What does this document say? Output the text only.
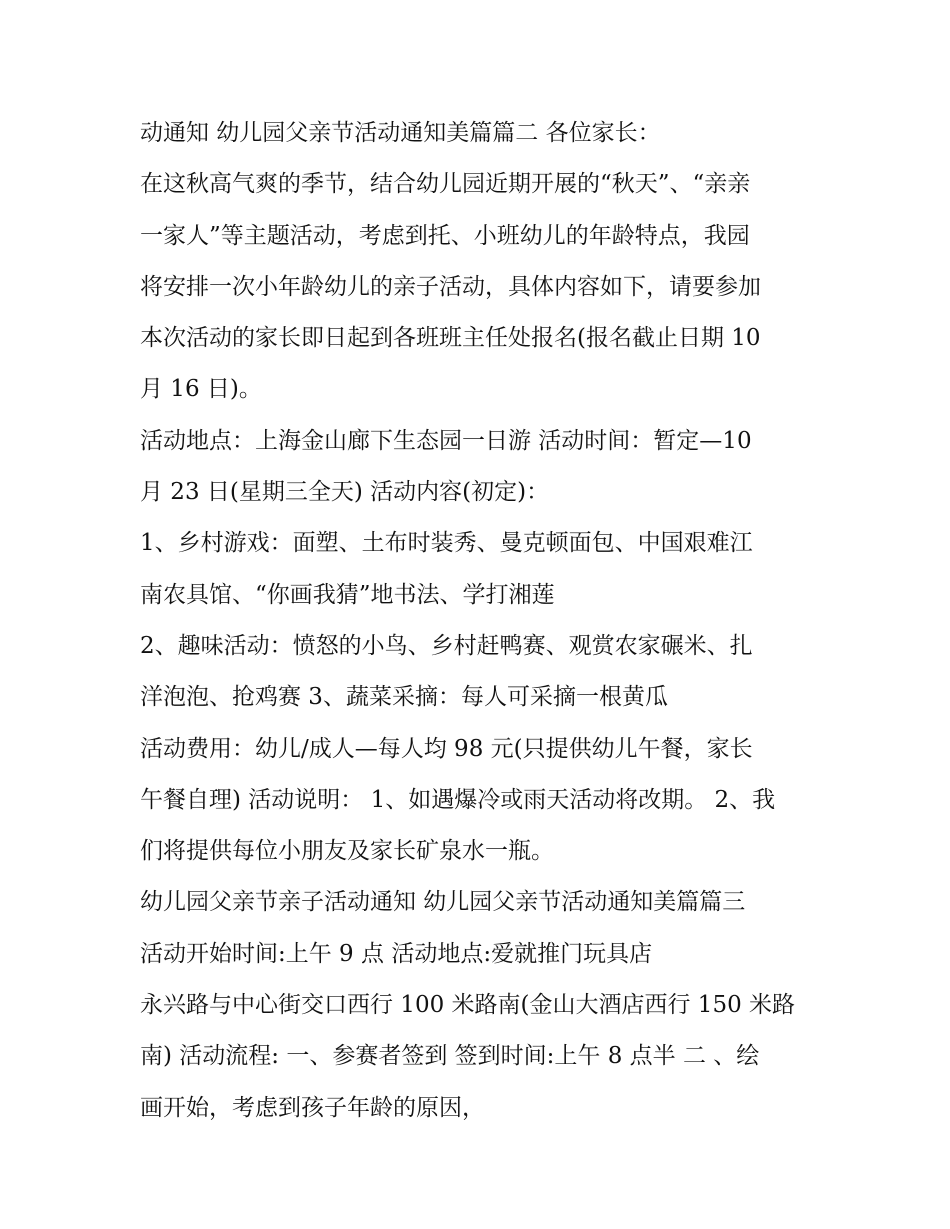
动通知 幼儿园父亲节活动通知美篇篇二 各位家长：
在这秋高气爽的季节，结合幼儿园近期开展的“秋天”、“亲亲
一家人”等主题活动，考虑到托、小班幼儿的年龄特点，我园
将安排一次小年龄幼儿的亲子活动，具体内容如下，请要参加
本次活动的家长即日起到各班班主任处报名(报名截止日期 10
月 16 日)。
活动地点：上海金山廊下生态园一日游 活动时间：暂定—10
月 23 日(星期三全天) 活动内容(初定)：
1、乡村游戏：面塑、土布时装秀、曼克顿面包、中国艰难江
南农具馆、“你画我猜”地书法、学打湘莲
2、趣味活动：愤怒的小鸟、乡村赶鸭赛、观赏农家碾米、扎
洋泡泡、抢鸡赛 3、蔬菜采摘：每人可采摘一根黄瓜
活动费用：幼儿/成人—每人均 98 元(只提供幼儿午餐，家长
午餐自理) 活动说明： 1、如遇爆冷或雨天活动将改期。 2、我
们将提供每位小朋友及家长矿泉水一瓶。
幼儿园父亲节亲子活动通知 幼儿园父亲节活动通知美篇篇三
活动开始时间:上午 9 点 活动地点:爱就推门玩具店
永兴路与中心街交口西行 100 米路南(金山大酒店西行 150 米路
南) 活动流程: 一、参赛者签到 签到时间:上午 8 点半 二 、绘
画开始，考虑到孩子年龄的原因，
